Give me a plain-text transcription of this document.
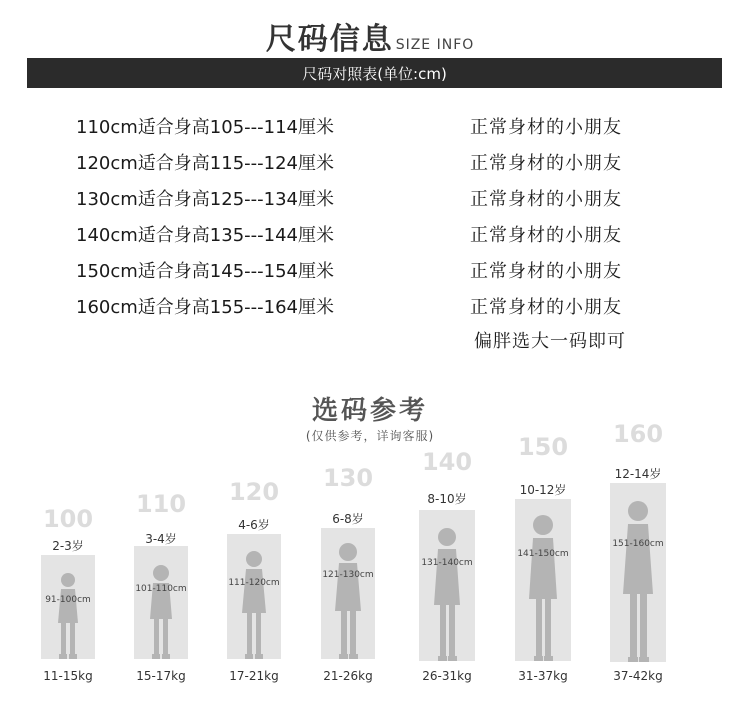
尺码信息 SIZE INFO
尺码对照表(单位:cm)
110cm适合身高105---114厘米	正常身材的小朋友
120cm适合身高115---124厘米	正常身材的小朋友
130cm适合身高125---134厘米	正常身材的小朋友
140cm适合身高135---144厘米	正常身材的小朋友
150cm适合身高145---154厘米	正常身材的小朋友
160cm适合身高155---164厘米	正常身材的小朋友
偏胖选大一码即可
选码参考
(仅供参考，详询客服)
100
2-3岁
91-100cm
11-15kg
110
3-4岁
101-110cm
15-17kg
120
4-6岁
111-120cm
17-21kg
130
6-8岁
121-130cm
21-26kg
140
8-10岁
131-140cm
26-31kg
150
10-12岁
141-150cm
31-37kg
160
12-14岁
151-160cm
37-42kg
